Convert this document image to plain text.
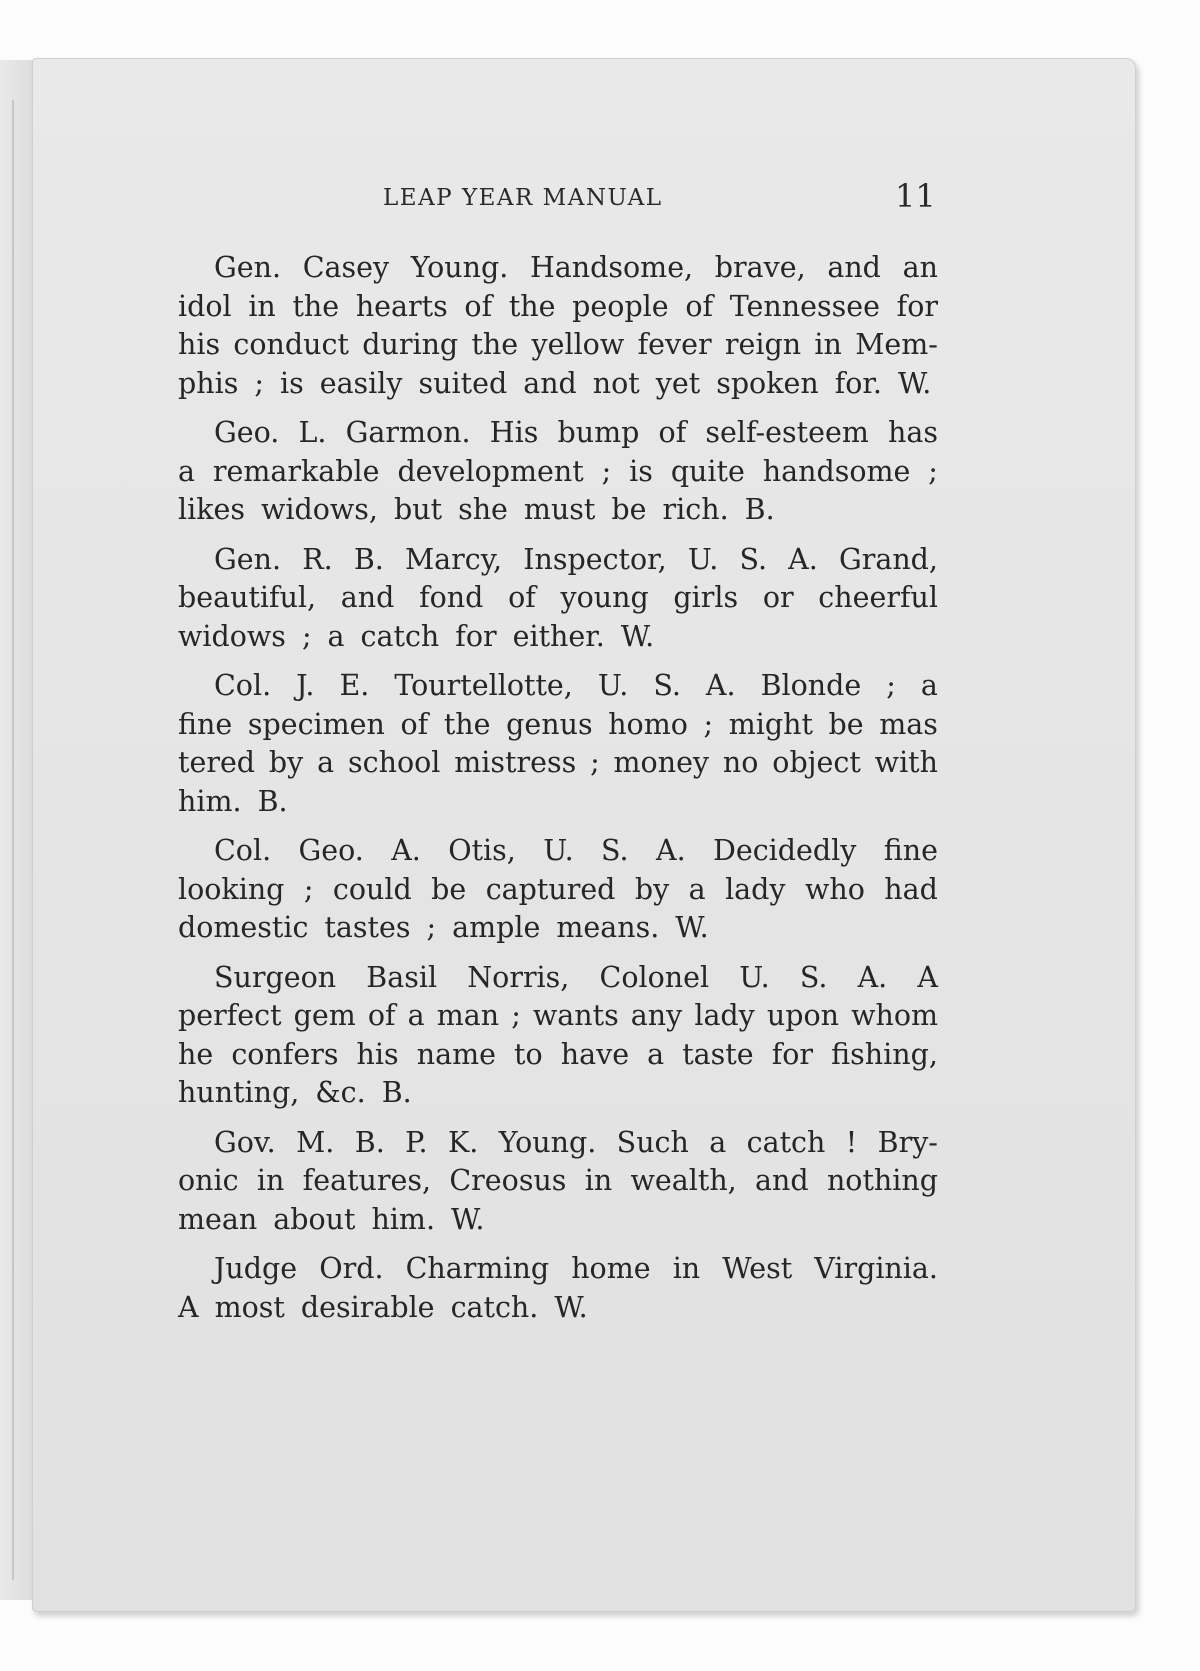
LEAP YEAR MANUAL	11
Gen. Casey Young. Handsome, brave, and an
idol in the hearts of the people of Tennessee for
his conduct during the yellow fever reign in Mem-
phis ; is easily suited and not yet spoken for. W.
Geo. L. Garmon. His bump of self-esteem has
a remarkable development ; is quite handsome ;
likes widows, but she must be rich. B.
Gen. R. B. Marcy, Inspector, U. S. A. Grand,
beautiful, and fond of young girls or cheerful
widows ; a catch for either. W.
Col. J. E. Tourtellotte, U. S. A. Blonde ; a
fine specimen of the genus homo ; might be mas
tered by a school mistress ; money no object with
him. B.
Col. Geo. A. Otis, U. S. A. Decidedly fine
looking ; could be captured by a lady who had
domestic tastes ; ample means. W.
Surgeon Basil Norris, Colonel U. S. A. A
perfect gem of a man ; wants any lady upon whom
he confers his name to have a taste for fishing,
hunting, &c. B.
Gov. M. B. P. K. Young. Such a catch ! Bry-
onic in features, Creosus in wealth, and nothing
mean about him. W.
Judge Ord. Charming home in West Virginia.
A most desirable catch. W.
